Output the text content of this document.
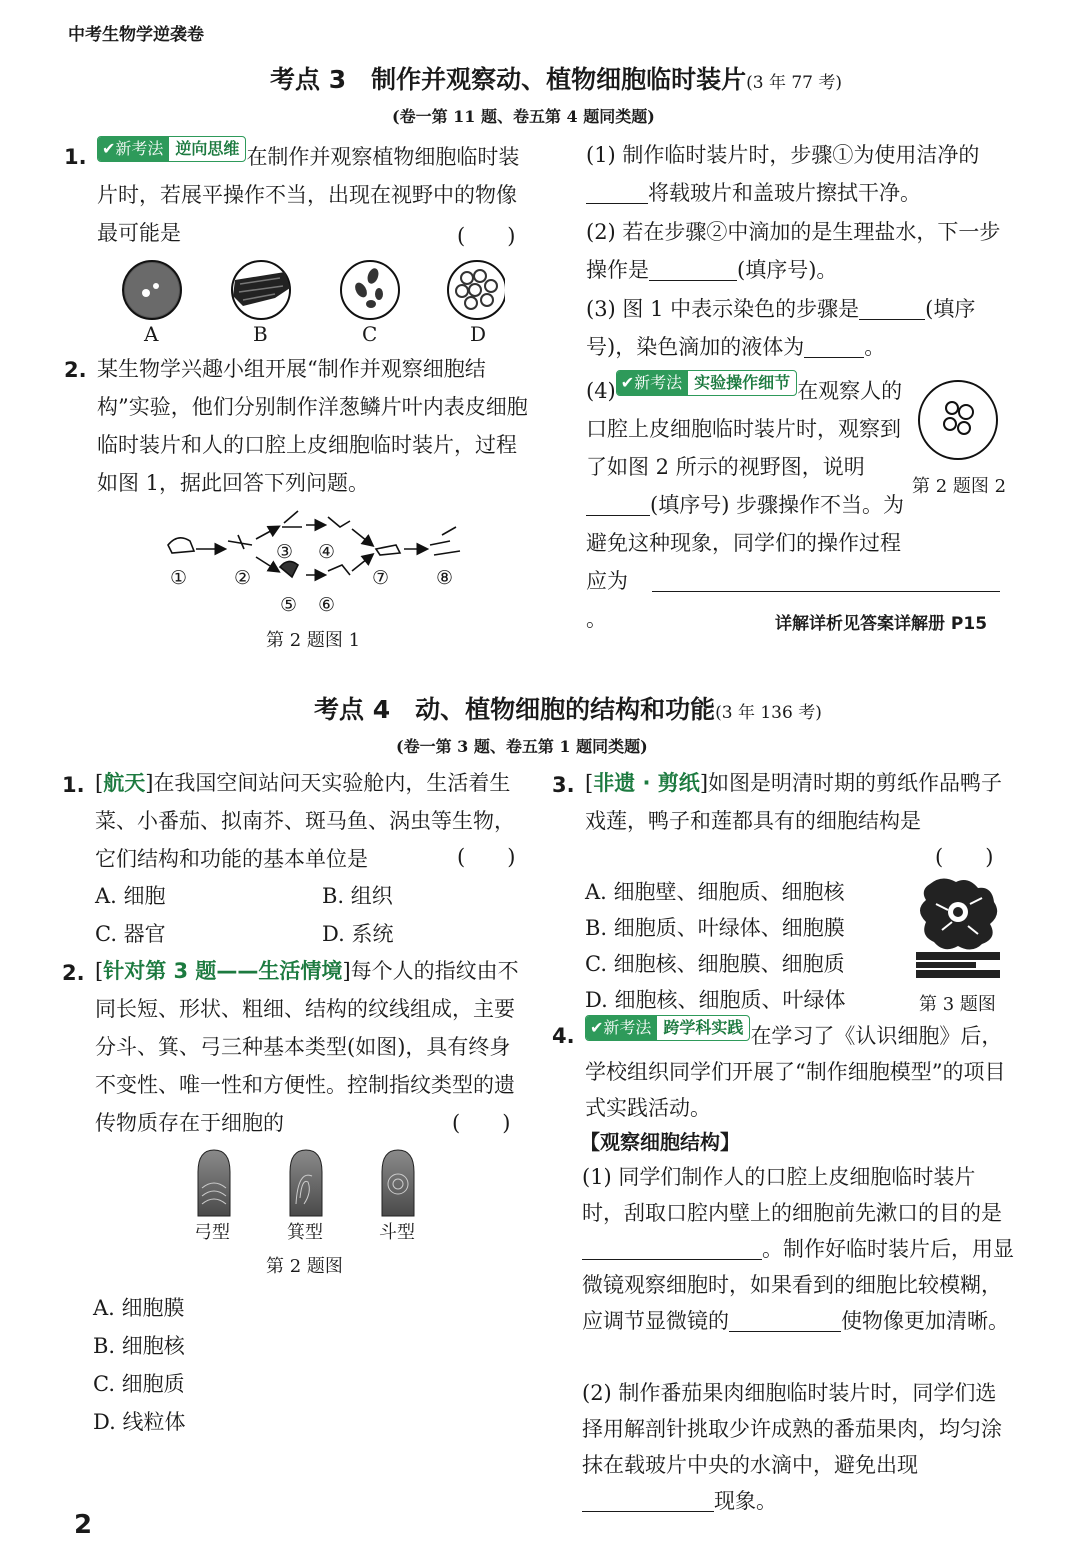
中考生物学逆袭卷
考点 3　制作并观察动、植物细胞临时装片(3 年 77 考)
(卷一第 11 题、卷五第 4 题同类题)
1. ✔新考法 逆向思维 在制作并观察植物细胞临时装片时，若展平操作不当，出现在视野中的物像最可能是	(　　)
A	B	C	D
2. 某生物学兴趣小组开展“制作并观察细胞结构”实验，他们分别制作洋葱鳞片叶内表皮细胞临时装片和人的口腔上皮细胞临时装片，过程如图 1，据此回答下列问题。
① ②
③ ④
⑤ ⑥
⑦ ⑧
第 2 题图 1
(1) 制作临时装片时，步骤①为使用洁净的将载玻片和盖玻片擦拭干净。
(2) 若在步骤②中滴加的是生理盐水，下一步操作是	(填序号)。
(3) 图 1 中表示染色的步骤是	(填序号)，染色滴加的液体为	。
(4) ✔新考法 实验操作细节 在观察人的口腔上皮细胞临时装片时，观察到了如图 2 所示的视野图，说明(填序号) 步骤操作不当。为避免这种现象，同学们的操作过程应为
。
第 2 题图 2
详解详析见答案详解册 P15
考点 4　动、植物细胞的结构和功能(3 年 136 考)
(卷一第 3 题、卷五第 1 题同类题)
1. [航天]在我国空间站问天实验舱内，生活着生菜、小番茄、拟南芥、斑马鱼、涡虫等生物，它们结构和功能的基本单位是	(　　)
A. 细胞	B. 组织
C. 器官	D. 系统
2. [针对第 3 题——生活情境]每个人的指纹由不同长短、形状、粗细、结构的纹线组成，主要分斗、箕、弓三种基本类型(如图)，具有终身不变性、唯一性和方便性。控制指纹类型的遗传物质存在于细胞的	(　　)
弓型	箕型	斗型
第 2 题图
A. 细胞膜
B. 细胞核
C. 细胞质
D. 线粒体
3. [非遗 · 剪纸]如图是明清时期的剪纸作品鸭子戏莲，鸭子和莲都具有的细胞结构是
(　　)
A. 细胞壁、细胞质、细胞核
B. 细胞质、叶绿体、细胞膜
C. 细胞核、细胞膜、细胞质
D. 细胞核、细胞质、叶绿体	第 3 题图
4. ✔新考法 跨学科实践 在学习了《认识细胞》后，学校组织同学们开展了“制作细胞模型”的项目式实践活动。
【观察细胞结构】
(1) 同学们制作人的口腔上皮细胞临时装片时，刮取口腔内壁上的细胞前先漱口的目的是。制作好临时装片后，用显微镜观察细胞时，如果看到的细胞比较模糊，应调节显微镜的	使物像更加清晰。
(2) 制作番茄果肉细胞临时装片时，同学们选择用解剖针挑取少许成熟的番茄果肉，均匀涂抹在载玻片中央的水滴中，避免出现现象。
2
